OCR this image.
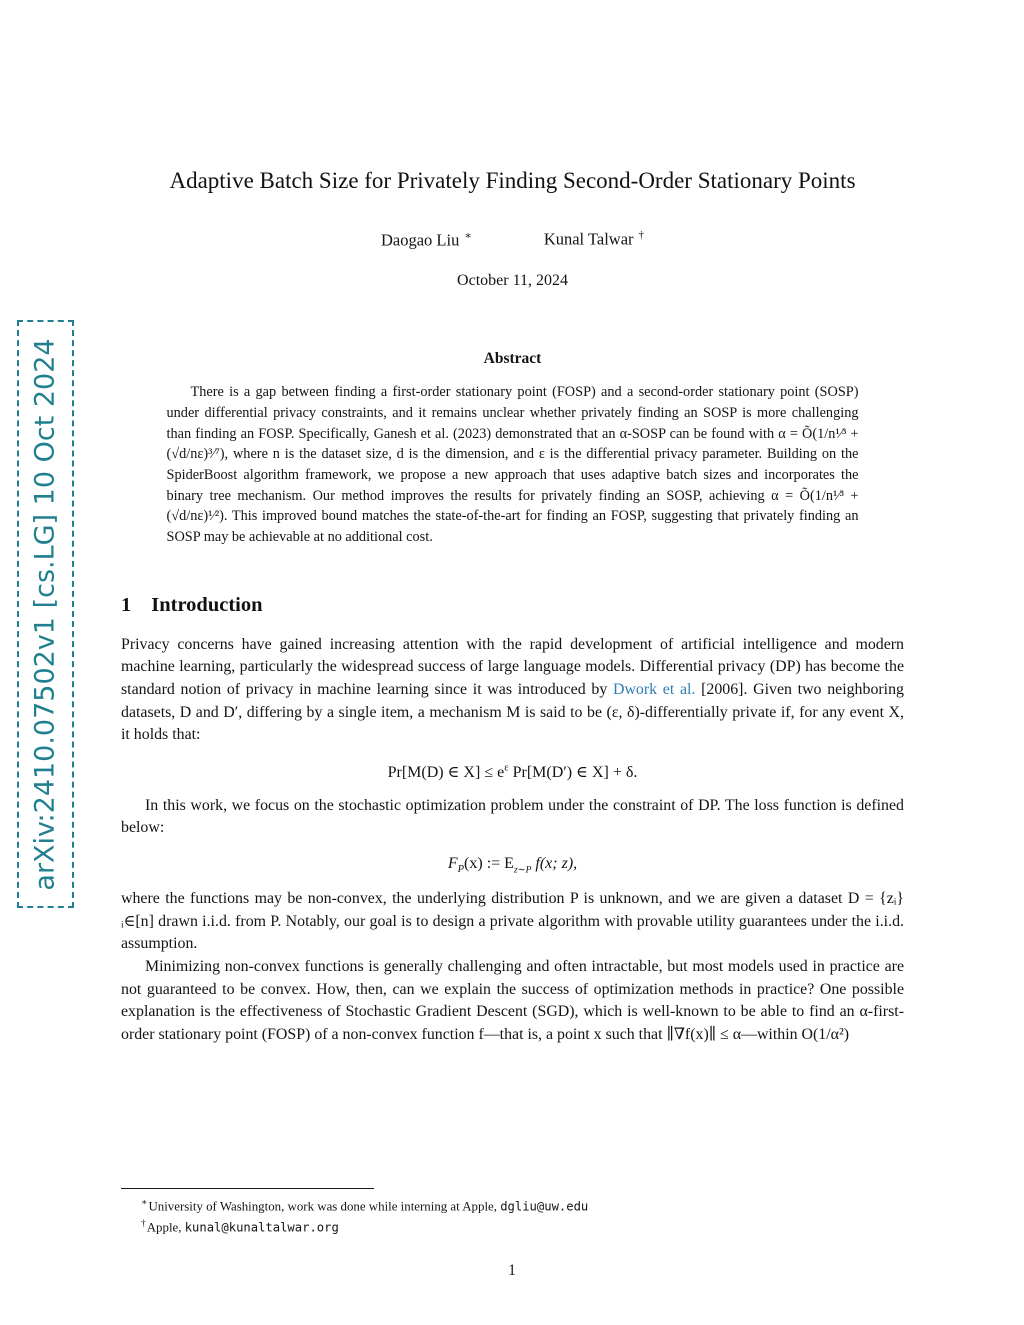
arXiv:2410.07502v1 [cs.LG] 10 Oct 2024
Adaptive Batch Size for Privately Finding Second-Order Stationary Points
Daogao Liu ∗	Kunal Talwar †
October 11, 2024
Abstract

There is a gap between finding a first-order stationary point (FOSP) and a second-order stationary point (SOSP) under differential privacy constraints, and it remains unclear whether privately finding an SOSP is more challenging than finding an FOSP. Specifically, Ganesh et al. (2023) demonstrated that an α-SOSP can be found with α = Õ(1/n¹⁄³ + (√d/nε)³⁄⁷), where n is the dataset size, d is the dimension, and ε is the differential privacy parameter. Building on the SpiderBoost algorithm framework, we propose a new approach that uses adaptive batch sizes and incorporates the binary tree mechanism. Our method improves the results for privately finding an SOSP, achieving α = Õ(1/n¹⁄³ + (√d/nε)¹⁄²). This improved bound matches the state-of-the-art for finding an FOSP, suggesting that privately finding an SOSP may be achievable at no additional cost.

1 Introduction

Privacy concerns have gained increasing attention with the rapid development of artificial intelligence and modern machine learning, particularly the widespread success of large language models. Differential privacy (DP) has become the standard notion of privacy in machine learning since it was introduced by Dwork et al. [2006]. Given two neighboring datasets, D and D′, differing by a single item, a mechanism M is said to be (ε, δ)-differentially private if, for any event X, it holds that:

Pr[M(D) ∈ $X] \le e^\varepsilon$ Pr[M(D′) ∈ X] + δ.

In this work, we focus on the stochastic optimization problem under the constraint of DP. The loss function is defined below:

$F_P(x)$ := $E_{z\sim P}$ f(x; z),

where the functions may be non-convex, the underlying distribution P is unknown, and we are given a dataset D = {zᵢ}ᵢ∈[n] drawn i.i.d. from P. Notably, our goal is to design a private algorithm with provable utility guarantees under the i.i.d. assumption.

Minimizing non-convex functions is generally challenging and often intractable, but most models used in practice are not guaranteed to be convex. How, then, can we explain the success of optimization methods in practice? One possible explanation is the effectiveness of Stochastic Gradient Descent (SGD), which is well-known to be able to find an α-first-order stationary point (FOSP) of a non-convex function f—that is, a point x such that ∥∇f(x)∥ ≤ α—within O(1/α²)

∗University of Washington, work was done while interning at Apple, dgliu@uw.edu
†Apple, kunal@kunaltalwar.org
1
